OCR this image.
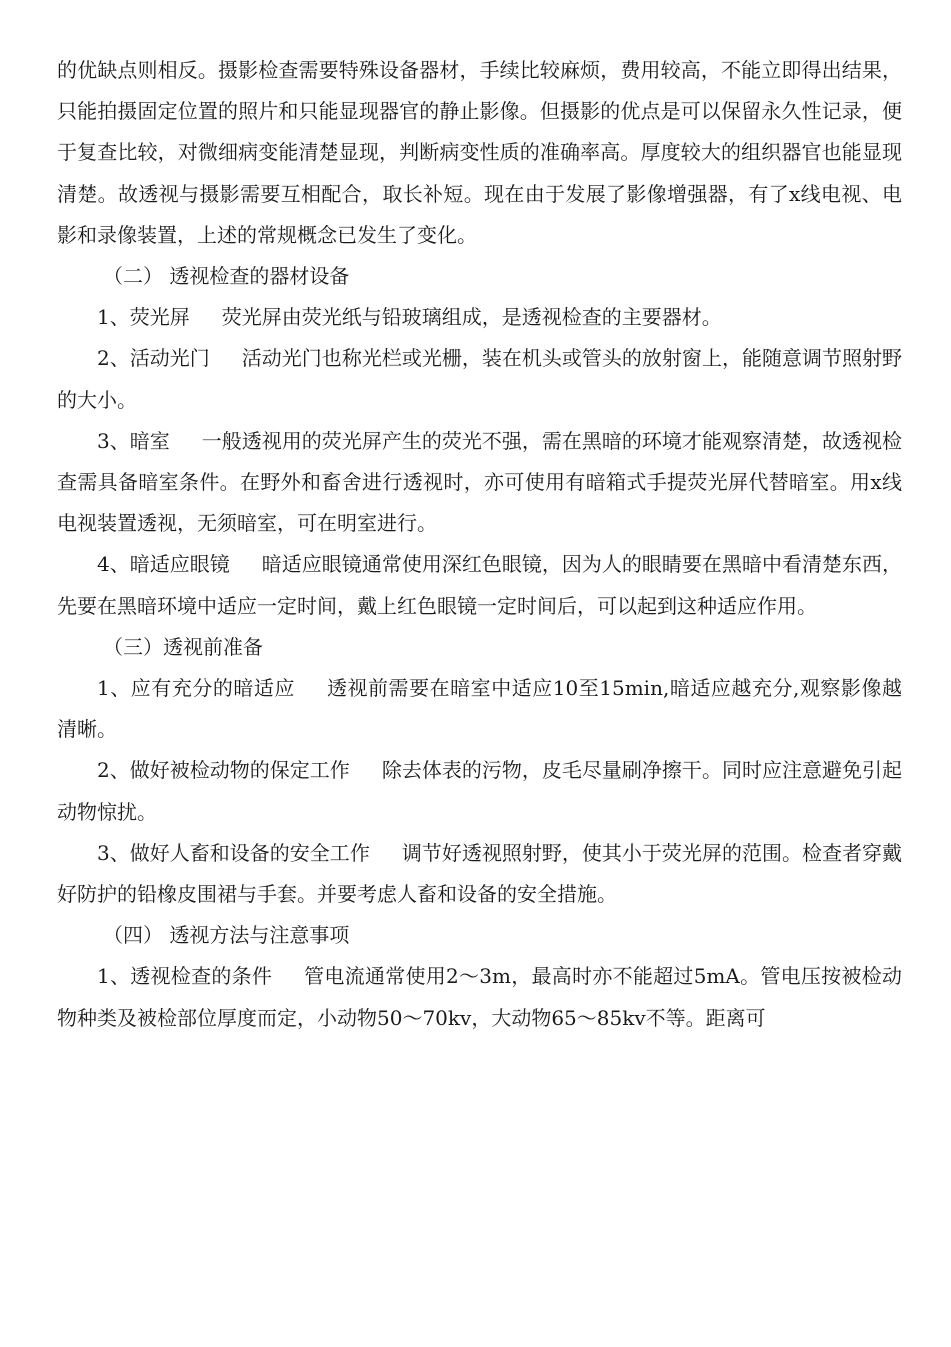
的优缺点则相反。摄影检查需要特殊设备器材，手续比较麻烦，费用较高，不能立即得出结果，只能拍摄固定位置的照片和只能显现器官的静止影像。但摄影的优点是可以保留永久性记录，便于复查比较，对微细病变能清楚显现，判断病变性质的准确率高。厚度较大的组织器官也能显现清楚。故透视与摄影需要互相配合，取长补短。现在由于发展了影像增强器，有了x线电视、电影和录像装置，上述的常规概念已发生了变化。

（二） 透视检查的器材设备

1、荧光屏 荧光屏由荧光纸与铅玻璃组成，是透视检查的主要器材。

2、活动光门 活动光门也称光栏或光栅，装在机头或管头的放射窗上，能随意调节照射野的大小。

3、暗室 一般透视用的荧光屏产生的荧光不强，需在黑暗的环境才能观察清楚，故透视检查需具备暗室条件。在野外和畜舍进行透视时，亦可使用有暗箱式手提荧光屏代替暗室。用x线电视装置透视，无须暗室，可在明室进行。

4、暗适应眼镜 暗适应眼镜通常使用深红色眼镜，因为人的眼睛要在黑暗中看清楚东西，先要在黑暗环境中适应一定时间，戴上红色眼镜一定时间后，可以起到这种适应作用。

（三）透视前准备

1、应有充分的暗适应 透视前需要在暗室中适应10至15min,暗适应越充分,观察影像越清晰。

2、做好被检动物的保定工作 除去体表的污物，皮毛尽量刷净擦干。同时应注意避免引起动物惊扰。

3、做好人畜和设备的安全工作 调节好透视照射野，使其小于荧光屏的范围。检查者穿戴好防护的铅橡皮围裙与手套。并要考虑人畜和设备的安全措施。

（四） 透视方法与注意事项

1、透视检查的条件 管电流通常使用2～3m，最高时亦不能超过5mA。管电压按被检动物种类及被检部位厚度而定，小动物50～70kv，大动物65～85kv不等。距离可
